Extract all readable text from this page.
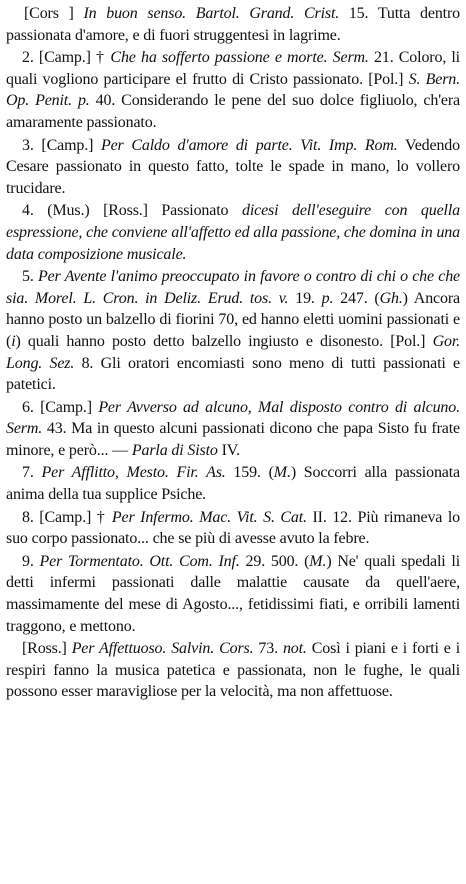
[Cors ] In buon senso. Bartol. Grand. Crist. 15. Tutta dentro passionata d'amore, e di fuori struggentesi in lagrime.

2. [Camp.] † Che ha sofferto passione e morte. Serm. 21. Coloro, li quali vogliono participare el frutto di Cristo passionato. [Pol.] S. Bern. Op. Penit. p. 40. Considerando le pene del suo dolce figliuolo, ch'era amaramente passionato.

3. [Camp.] Per Caldo d'amore di parte. Vit. Imp. Rom. Vedendo Cesare passionato in questo fatto, tolte le spade in mano, lo vollero trucidare.

4. (Mus.) [Ross.] Passionato dicesi dell'eseguire con quella espressione, che conviene all'affetto ed alla passione, che domina in una data composizione musicale.

5. Per Avente l'animo preoccupato in favore o contro di chi o che che sia. Morel. L. Cron. in Deliz. Erud. tos. v. 19. p. 247. (Gh.) Ancora hanno posto un balzello di fiorini 70, ed hanno eletti uomini passionati e (i) quali hanno posto detto balzello ingiusto e disonesto. [Pol.] Gor. Long. Sez. 8. Gli oratori encomiasti sono meno di tutti passionati e patetici.

6. [Camp.] Per Avverso ad alcuno, Mal disposto contro di alcuno. Serm. 43. Ma in questo alcuni passionati dicono che papa Sisto fu frate minore, e però... — Parla di Sisto IV.

7. Per Afflitto, Mesto. Fir. As. 159. (M.) Soccorri alla passionata anima della tua supplice Psiche.

8. [Camp.] † Per Infermo. Mac. Vit. S. Cat. II. 12. Più rimaneva lo suo corpo passionato... che se più di avesse avuto la febre.

9. Per Tormentato. Ott. Com. Inf. 29. 500. (M.) Ne' quali spedali li detti infermi passionati dalle malattie causate da quell'aere, massimamente del mese di Agosto..., fetidissimi fiati, e orribili lamenti traggono, e mettono.

[Ross.] Per Affettuoso. Salvin. Cors. 73. not. Così i piani e i forti e i respiri fanno la musica patetica e passionata, non le fughe, le quali possono esser maravigliose per la velocità, ma non affettuose.
